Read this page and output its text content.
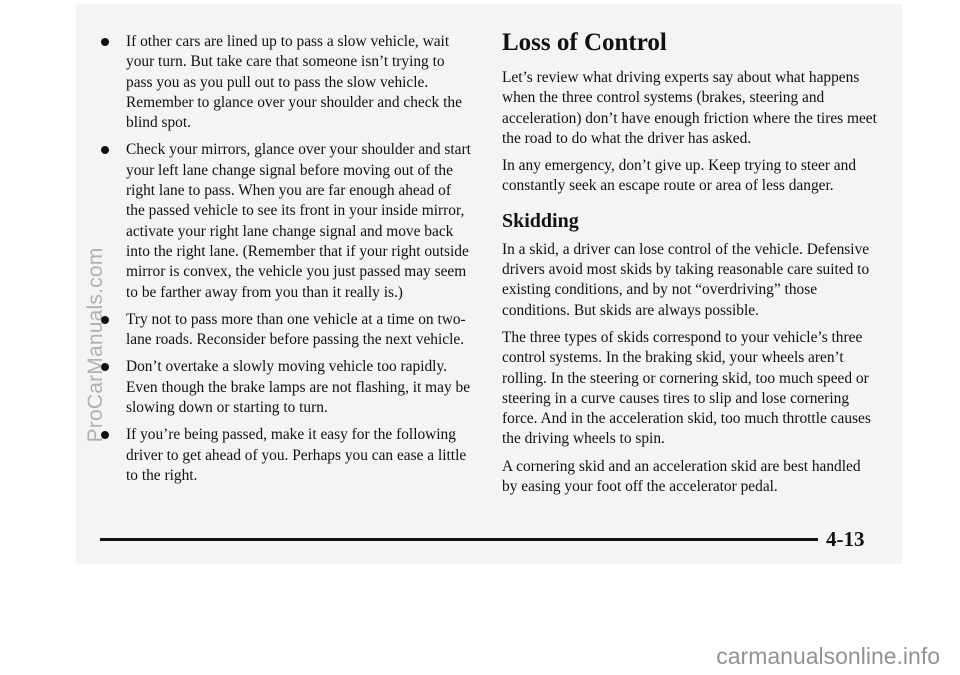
ProCarManuals.com
If other cars are lined up to pass a slow vehicle, wait your turn. But take care that someone isn’t trying to pass you as you pull out to pass the slow vehicle. Remember to glance over your shoulder and check the blind spot.
Check your mirrors, glance over your shoulder and start your left lane change signal before moving out of the right lane to pass. When you are far enough ahead of the passed vehicle to see its front in your inside mirror, activate your right lane change signal and move back into the right lane. (Remember that if your right outside mirror is convex, the vehicle you just passed may seem to be farther away from you than it really is.)
Try not to pass more than one vehicle at a time on two-lane roads. Reconsider before passing the next vehicle.
Don’t overtake a slowly moving vehicle too rapidly. Even though the brake lamps are not flashing, it may be slowing down or starting to turn.
If you’re being passed, make it easy for the following driver to get ahead of you. Perhaps you can ease a little to the right.
Loss of Control

Let’s review what driving experts say about what happens when the three control systems (brakes, steering and acceleration) don’t have enough friction where the tires meet the road to do what the driver has asked.

In any emergency, don’t give up. Keep trying to steer and constantly seek an escape route or area of less danger.

Skidding

In a skid, a driver can lose control of the vehicle. Defensive drivers avoid most skids by taking reasonable care suited to existing conditions, and by not “overdriving” those conditions. But skids are always possible.

The three types of skids correspond to your vehicle’s three control systems. In the braking skid, your wheels aren’t rolling. In the steering or cornering skid, too much speed or steering in a curve causes tires to slip and lose cornering force. And in the acceleration skid, too much throttle causes the driving wheels to spin.

A cornering skid and an acceleration skid are best handled by easing your foot off the accelerator pedal.

4-13
carmanualsonline.info
